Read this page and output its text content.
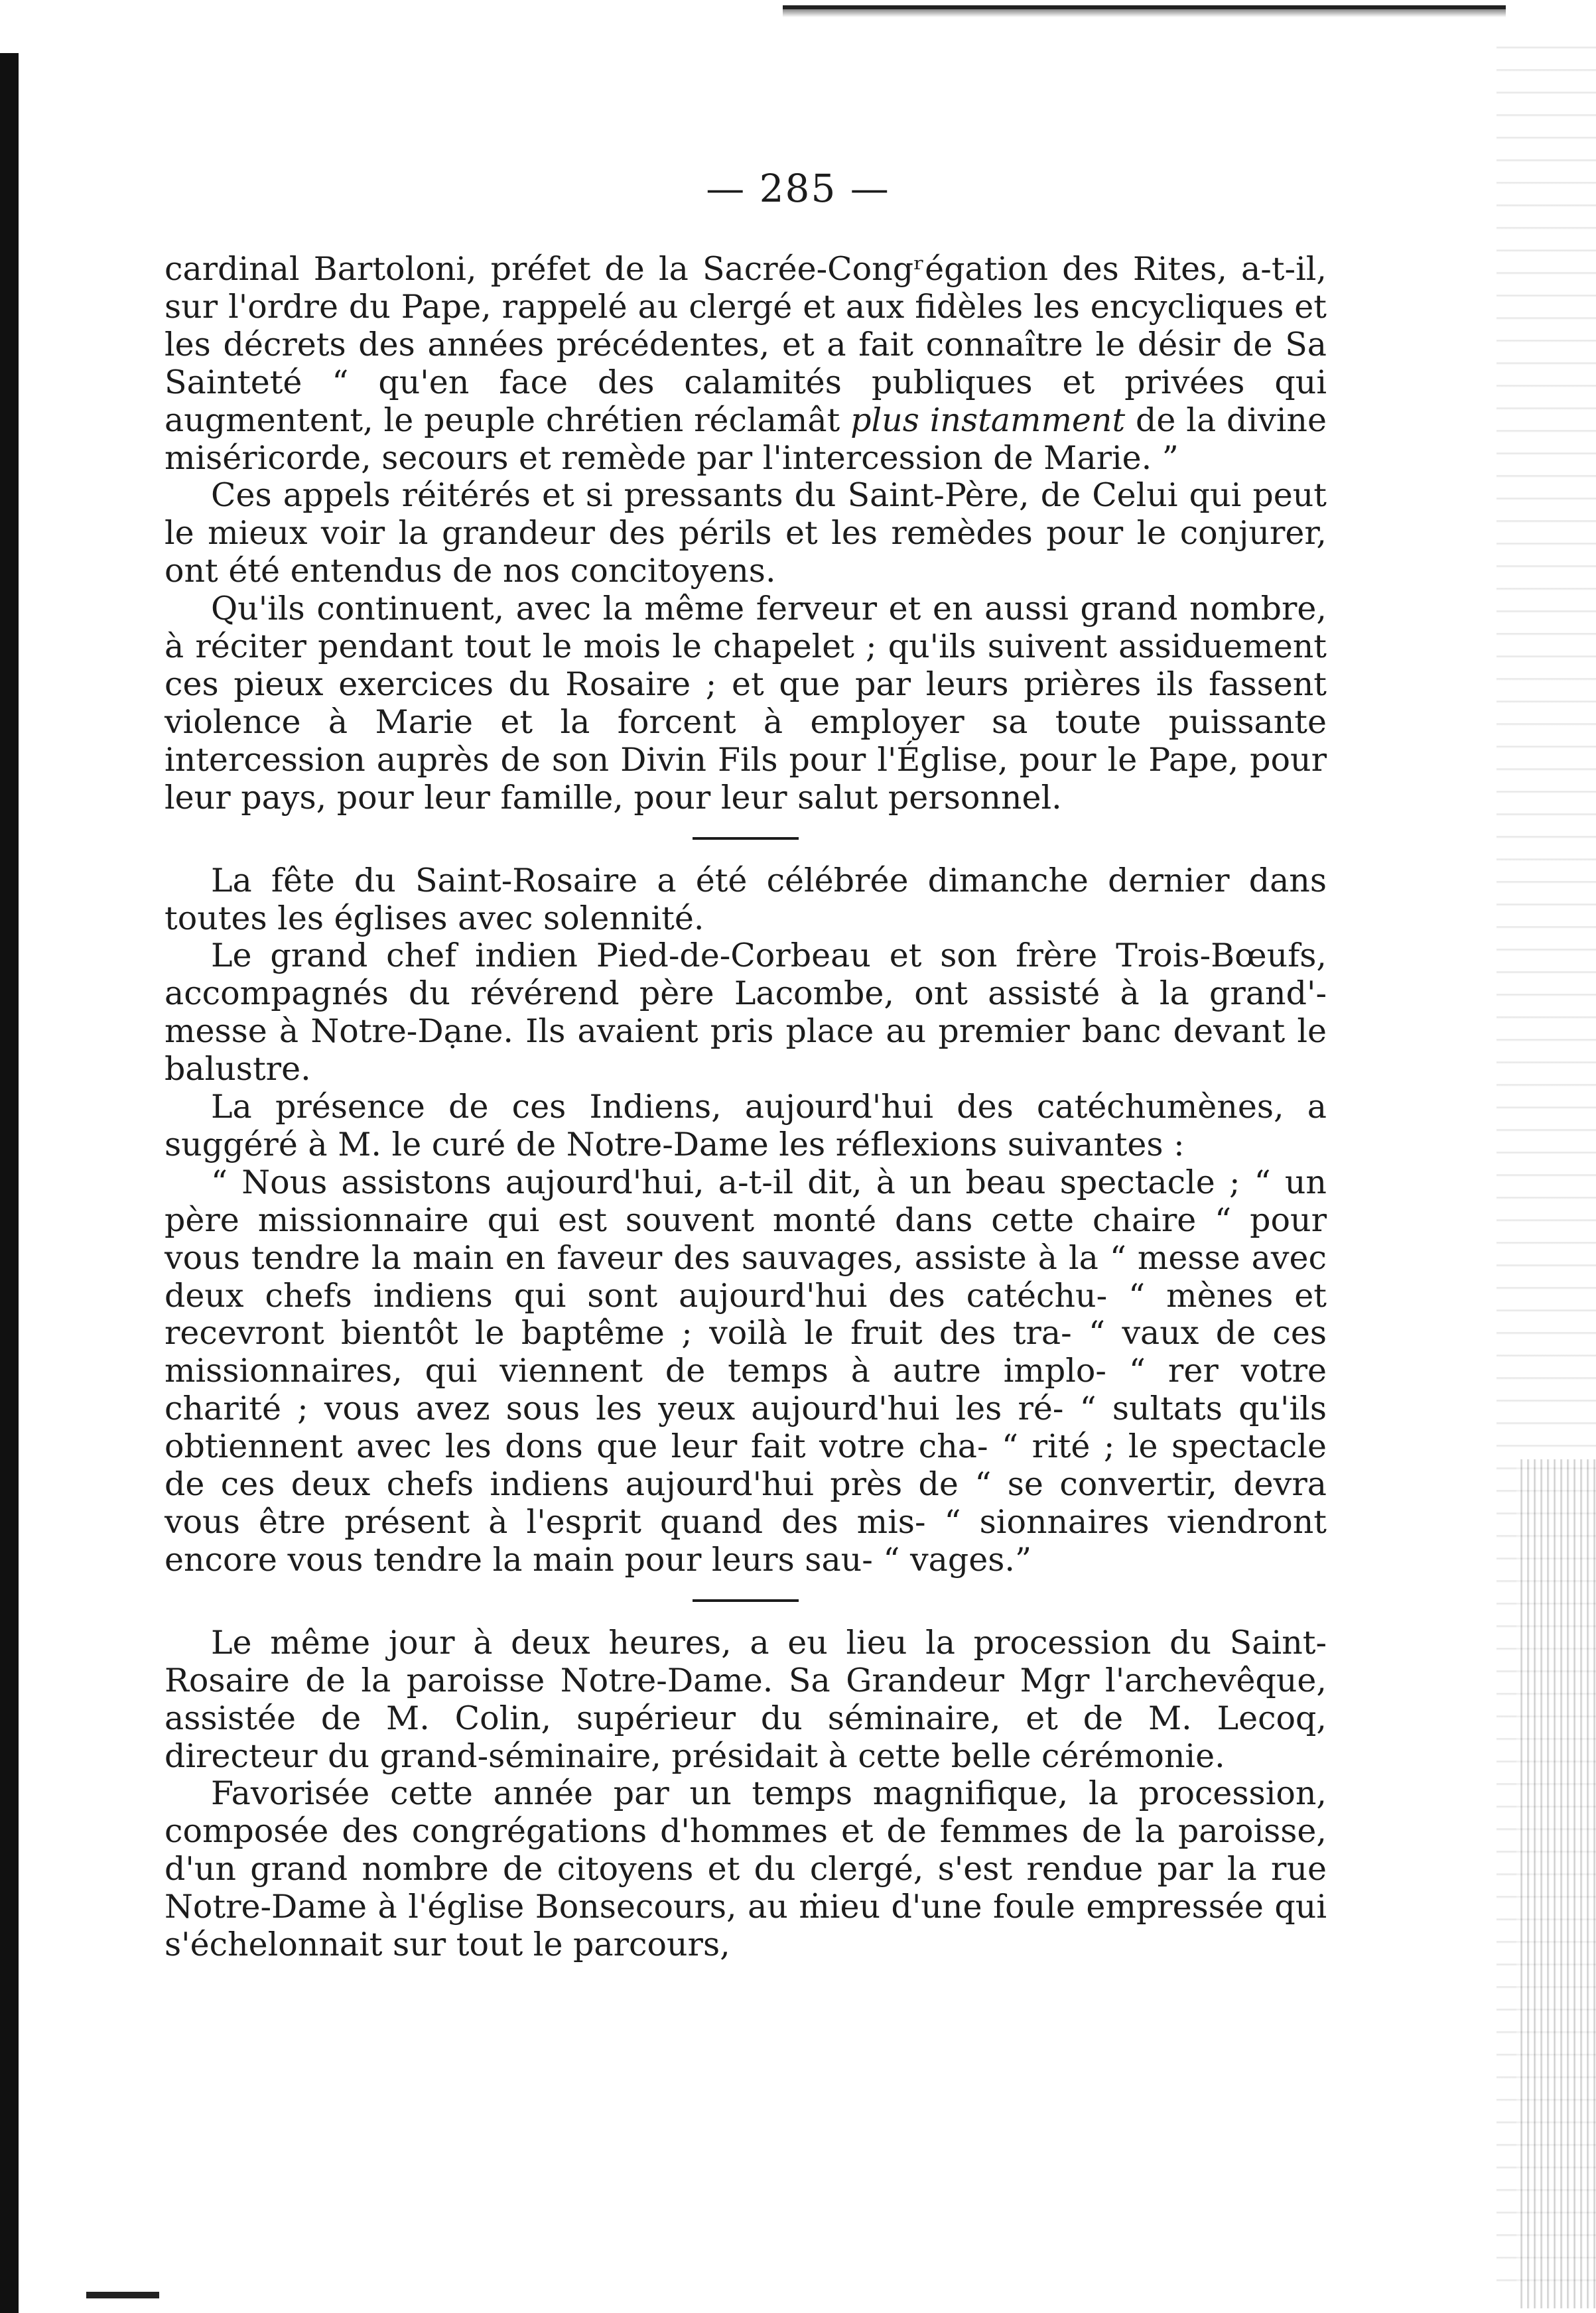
— 285 —

cardinal Bartoloni, préfet de la Sacrée-Congʳégation des Rites, a-t-il, sur l'ordre du Pape, rappelé au clergé et aux fidèles les encycliques et les décrets des années précédentes, et a fait connaître le désir de Sa Sainteté “ qu'en face des calamités publiques et privées qui augmentent, le peuple chrétien réclamât plus instamment de la divine miséricorde, secours et remède par l'intercession de Marie. ”

Ces appels réitérés et si pressants du Saint-Père, de Celui qui peut le mieux voir la grandeur des périls et les remèdes pour le conjurer, ont été entendus de nos concitoyens.

Qu'ils continuent, avec la même ferveur et en aussi grand nombre, à réciter pendant tout le mois le chapelet ; qu'ils suivent assiduement ces pieux exercices du Rosaire ; et que par leurs prières ils fassent violence à Marie et la forcent à employer sa toute puissante intercession auprès de son Divin Fils pour l'Église, pour le Pape, pour leur pays, pour leur famille, pour leur salut personnel.

La fête du Saint-Rosaire a été célébrée dimanche dernier dans toutes les églises avec solennité.

Le grand chef indien Pied-de-Corbeau et son frère Trois-Bœufs, accompagnés du révérend père Lacombe, ont assisté à la grand'-messe à Notre-Dạne. Ils avaient pris place au premier banc devant le balustre.

La présence de ces Indiens, aujourd'hui des catéchumènes, a suggéré à M. le curé de Notre-Dame les réflexions suivantes :

“ Nous assistons aujourd'hui, a-t-il dit, à un beau spectacle ; “ un père missionnaire qui est souvent monté dans cette chaire “ pour vous tendre la main en faveur des sauvages, assiste à la “ messe avec deux chefs indiens qui sont aujourd'hui des catéchu- “ mènes et recevront bientôt le baptême ; voilà le fruit des tra- “ vaux de ces missionnaires, qui viennent de temps à autre implo- “ rer votre charité ; vous avez sous les yeux aujourd'hui les ré- “ sultats qu'ils obtiennent avec les dons que leur fait votre cha- “ rité ; le spectacle de ces deux chefs indiens aujourd'hui près de “ se convertir, devra vous être présent à l'esprit quand des mis- “ sionnaires viendront encore vous tendre la main pour leurs sau- “ vages.”

Le même jour à deux heures, a eu lieu la procession du Saint-Rosaire de la paroisse Notre-Dame. Sa Grandeur Mgr l'archevêque, assistée de M. Colin, supérieur du séminaire, et de M. Lecoq, directeur du grand-séminaire, présidait à cette belle cérémonie.

Favorisée cette année par un temps magnifique, la procession, composée des congrégations d'hommes et de femmes de la paroisse, d'un grand nombre de citoyens et du clergé, s'est rendue par la rue Notre-Dame à l'église Bonsecours, au ṁieu d'une foule empressée qui s'échelonnait sur tout le parcours,
